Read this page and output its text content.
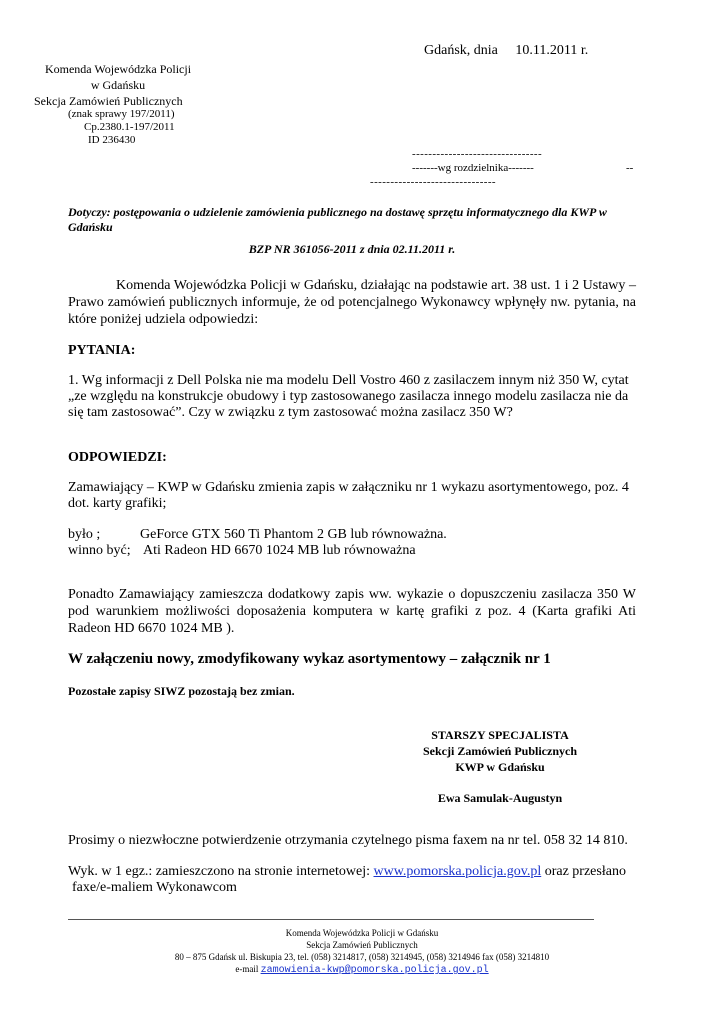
Gdańsk, dnia     10.11.2011 r.
Komenda Wojewódzka Policji
w Gdańsku
Sekcja Zamówień Publicznych
(znak sprawy 197/2011)
Cp.2380.1-197/2011
ID 236430
--------------------------------
-------wg rozdzielnika-------	--
-------------------------------
Dotyczy: postępowania o udzielenie zamówienia publicznego na dostawę sprzętu informatycznego dla KWP w Gdańsku
BZP NR 361056-2011 z dnia 02.11.2011 r.
Komenda Wojewódzka Policji w Gdańsku, działając na podstawie art. 38 ust. 1 i 2 Ustawy – Prawo zamówień publicznych informuje, że od potencjalnego Wykonawcy wpłynęły nw. pytania, na które poniżej udziela odpowiedzi:
PYTANIA:
1. Wg informacji z Dell Polska nie ma modelu Dell Vostro 460 z zasilaczem innym niż 350 W, cytat „ze względu na konstrukcje obudowy i typ zastosowanego zasilacza innego modelu zasilacza nie da się tam zastosować”. Czy w związku z tym zastosować można zasilacz 350 W?
ODPOWIEDZI:
Zamawiający – KWP w Gdańsku zmienia zapis w załączniku nr 1 wykazu asortymentowego, poz. 4 dot. karty grafiki;
było ;	GeForce GTX 560 Ti Phantom 2 GB lub równoważna.
winno być; Ati Radeon HD 6670 1024 MB lub równoważna
Ponadto Zamawiający zamieszcza dodatkowy zapis ww. wykazie o dopuszczeniu zasilacza 350 W pod warunkiem możliwości doposażenia komputera w kartę grafiki z poz. 4 (Karta grafiki Ati Radeon HD 6670 1024 MB ).
W załączeniu nowy, zmodyfikowany wykaz asortymentowy – załącznik nr 1
Pozostałe zapisy SIWZ pozostają bez zmian.
STARSZY SPECJALISTA
Sekcji Zamówień Publicznych
KWP w Gdańsku
Ewa Samulak-Augustyn
Prosimy o niezwłoczne potwierdzenie otrzymania czytelnego pisma faxem na nr tel. 058 32 14 810.
Wyk. w 1 egz.: zamieszczono na stronie internetowej: www.pomorska.policja.gov.pl oraz przesłano
faxe/e-maliem Wykonawcom
Komenda Wojewódzka Policji w Gdańsku
Sekcja Zamówień Publicznych
80 – 875 Gdańsk ul. Biskupia 23, tel. (058) 3214817, (058) 3214945, (058) 3214946 fax (058) 3214810
e-mail zamowienia-kwp@pomorska.policja.gov.pl
